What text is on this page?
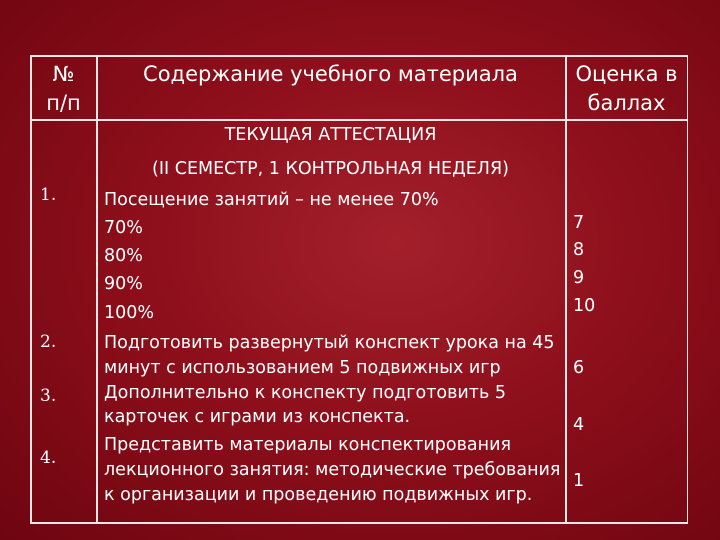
№
п/п
Содержание учебного материала	Оценка в
баллах
ТЕКУЩАЯ АТТЕСТАЦИЯ
(II СЕМЕСТР, 1 КОНТРОЛЬНАЯ НЕДЕЛЯ)
1.
2.
3.
4.
Посещение занятий – не менее 70%
70%
80%
90%
100%
Подготовить развернутый конспект урока на 45
минут с использованием 5 подвижных игр
Дополнительно к конспекту подготовить 5
карточек с играми из конспекта.
Представить материалы конспектирования
лекционного занятия: методические требования
к организации и проведению подвижных игр.
7
8
9
10
6
4
1
